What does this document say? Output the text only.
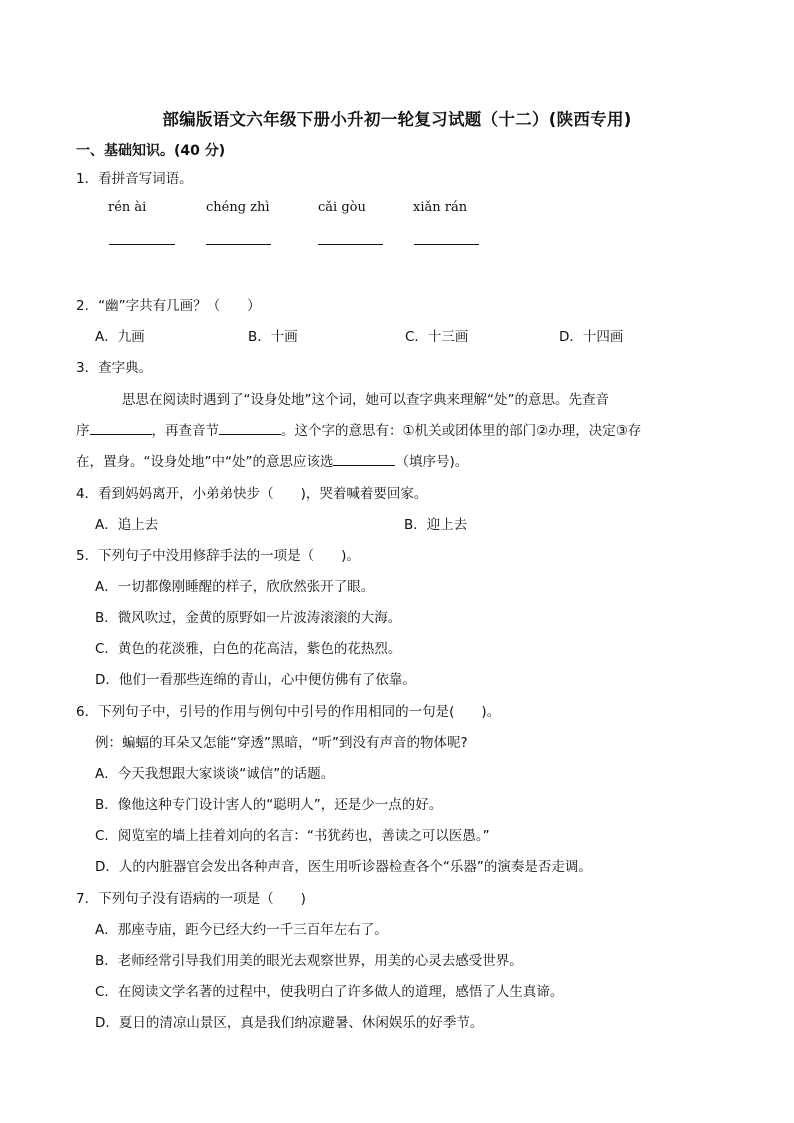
部编版语文六年级下册小升初一轮复习试题（十二）(陕西专用)
一、基础知识。(40 分)
1．看拼音写词语。
rén ài	chéng zhì	cǎi gòu	xiǎn rán
2．“幽”字共有几画？（　　）
A．九画	B．十画	C．十三画	D．十四画
3．查字典。
思思在阅读时遇到了“设身处地”这个词，她可以查字典来理解“处”的意思。先查音
序	，再查音节	。这个字的意思有：①机关或团体里的部门②办理，决定③存
在，置身。“设身处地”中“处”的意思应该选	（填序号)。
4．看到妈妈离开，小弟弟快步（　　)，哭着喊着要回家。
A．追上去	B．迎上去
5．下列句子中没用修辞手法的一项是（　　)。
A．一切都像刚睡醒的样子，欣欣然张开了眼。
B．微风吹过，金黄的原野如一片波涛滚滚的大海。
C．黄色的花淡雅，白色的花高洁，紫色的花热烈。
D．他们一看那些连绵的青山，心中便仿佛有了依靠。
6．下列句子中，引号的作用与例句中引号的作用相同的一句是(　　)。
例：蝙蝠的耳朵又怎能“穿透”黑暗，“听”到没有声音的物体呢?
A．今天我想跟大家谈谈“诚信”的话题。
B．像他这种专门设计害人的“聪明人”，还是少一点的好。
C．阅览室的墙上挂着刘向的名言：“书犹药也，善读之可以医愚。”
D．人的内脏器官会发出各种声音，医生用听诊器检查各个“乐器”的演奏是否走调。
7．下列句子没有语病的一项是（　　)
A．那座寺庙，距今已经大约一千三百年左右了。
B．老师经常引导我们用美的眼光去观察世界，用美的心灵去感受世界。
C．在阅读文学名著的过程中，使我明白了许多做人的道理，感悟了人生真谛。
D．夏日的清凉山景区，真是我们纳凉避暑、休闲娱乐的好季节。
